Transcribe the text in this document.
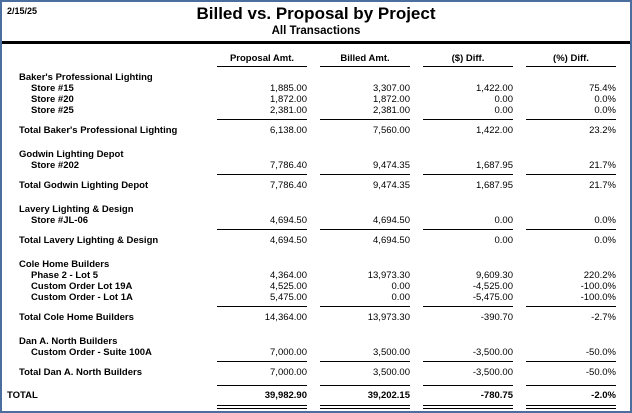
2/15/25	Billed vs. Proposal by Project
All Transactions
Proposal Amt.	Billed Amt.	($) Diff.	(%) Diff.
Baker's Professional Lighting
Store #15	1,885.00	3,307.00	1,422.00	75.4%
Store #20	1,872.00	1,872.00	0.00	0.0%
Store #25	2,381.00	2,381.00	0.00	0.0%
Total Baker's Professional Lighting	6,138.00	7,560.00	1,422.00	23.2%
Godwin Lighting Depot
Store #202	7,786.40	9,474.35	1,687.95	21.7%
Total Godwin Lighting Depot	7,786.40	9,474.35	1,687.95	21.7%
Lavery Lighting & Design
Store #JL-06	4,694.50	4,694.50	0.00	0.0%
Total Lavery Lighting & Design	4,694.50	4,694.50	0.00	0.0%
Cole Home Builders
Phase 2 - Lot 5	4,364.00	13,973.30	9,609.30	220.2%
Custom Order Lot 19A	4,525.00	0.00	-4,525.00	-100.0%
Custom Order - Lot 1A	5,475.00	0.00	-5,475.00	-100.0%
Total Cole Home Builders	14,364.00	13,973.30	-390.70	-2.7%
Dan A. North Builders
Custom Order - Suite 100A	7,000.00	3,500.00	-3,500.00	-50.0%
Total Dan A. North Builders	7,000.00	3,500.00	-3,500.00	-50.0%
TOTAL	39,982.90	39,202.15	-780.75	-2.0%
